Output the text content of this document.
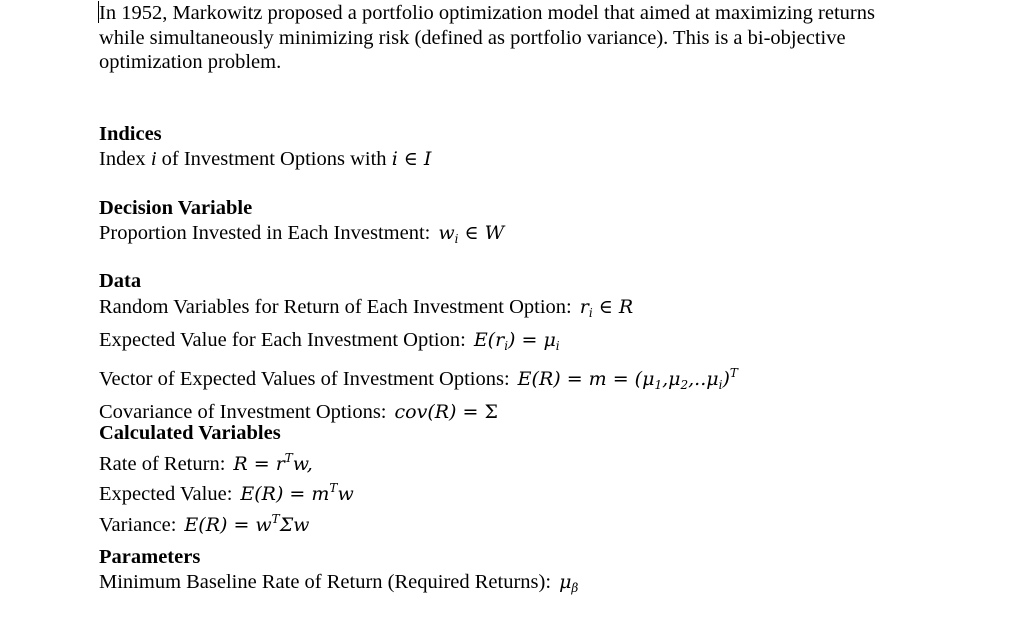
In 1952, Markowitz proposed a portfolio optimization model that aimed at maximizing returns

while simultaneously minimizing risk (defined as portfolio variance). This is a bi-objective

optimization problem.

Indices

Index i of Investment Options with i ∈ I

Decision Variable

Proportion Invested in Each Investment: $w_i$ ∈ W

Data

Random Variables for Return of Each Investment Option: $r_i$ ∈ R

Expected Value for Each Investment Option: $E(r_i) = \mu_i$

Vector of Expected Values of Investment Options: $E(R) = m = (\mu_1,\mu_2,..\mu_i)^T$

Covariance of Investment Options: cov(R) = Σ

Calculated Variables

Rate of Return: $R = r^Tw$,

Expected Value: $E(R) = m^Tw$

Variance: $E(R) = w^T\Sigma w$

Parameters

Minimum Baseline Rate of Return (Required Returns): $\mu_\beta$
